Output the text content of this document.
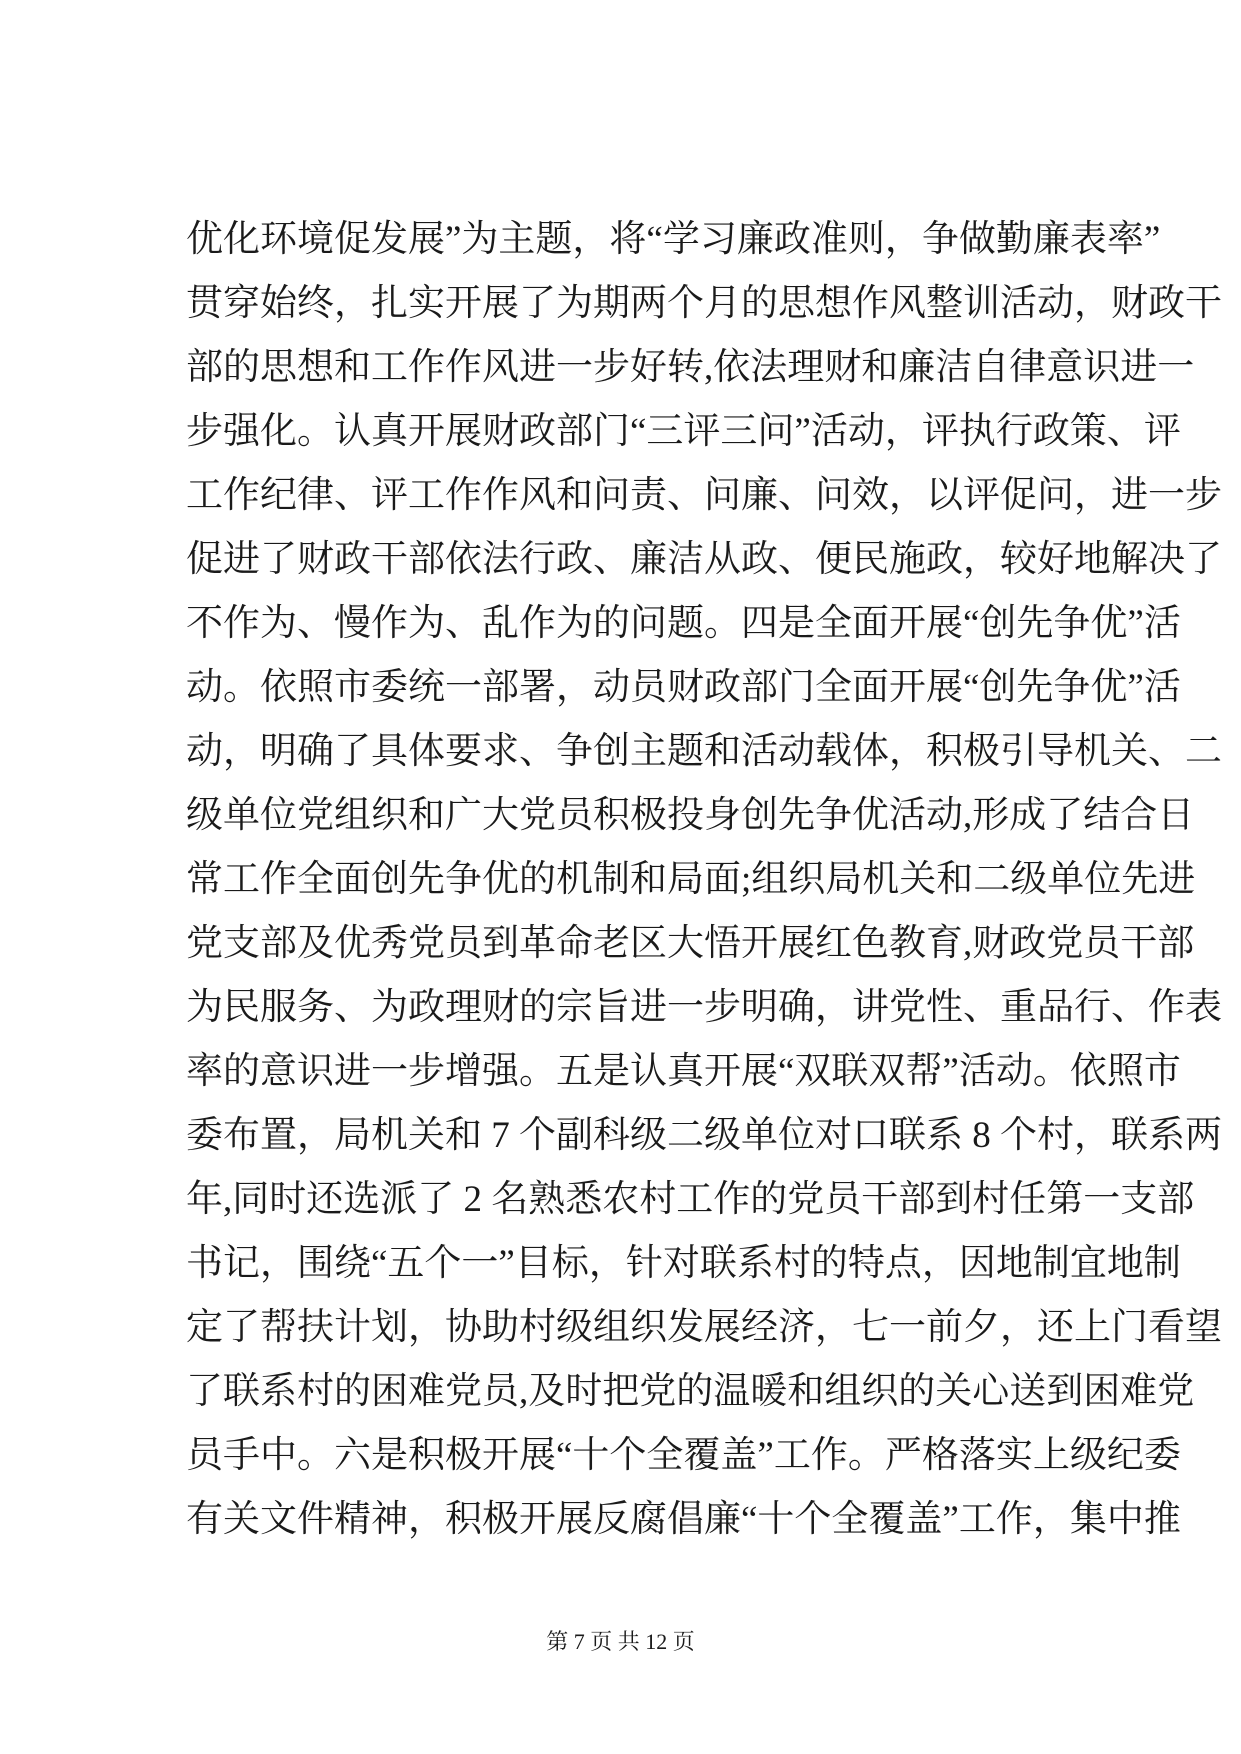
优化环境促发展”为主题，将“学习廉政准则，争做勤廉表率”
贯穿始终，扎实开展了为期两个月的思想作风整训活动，财政干
部的思想和工作作风进一步好转,依法理财和廉洁自律意识进一
步强化。认真开展财政部门“三评三问”活动，评执行政策、评
工作纪律、评工作作风和问责、问廉、问效，以评促问，进一步
促进了财政干部依法行政、廉洁从政、便民施政，较好地解决了
不作为、慢作为、乱作为的问题。四是全面开展“创先争优”活
动。依照市委统一部署，动员财政部门全面开展“创先争优”活
动，明确了具体要求、争创主题和活动载体，积极引导机关、二
级单位党组织和广大党员积极投身创先争优活动,形成了结合日
常工作全面创先争优的机制和局面;组织局机关和二级单位先进
党支部及优秀党员到革命老区大悟开展红色教育,财政党员干部
为民服务、为政理财的宗旨进一步明确，讲党性、重品行、作表
率的意识进一步增强。五是认真开展“双联双帮”活动。依照市
委布置，局机关和 7 个副科级二级单位对口联系 8 个村，联系两
年,同时还选派了 2 名熟悉农村工作的党员干部到村任第一支部
书记，围绕“五个一”目标，针对联系村的特点，因地制宜地制
定了帮扶计划，协助村级组织发展经济，七一前夕，还上门看望
了联系村的困难党员,及时把党的温暖和组织的关心送到困难党
员手中。六是积极开展“十个全覆盖”工作。严格落实上级纪委
有关文件精神，积极开展反腐倡廉“十个全覆盖”工作，集中推
第 7 页 共 12 页
